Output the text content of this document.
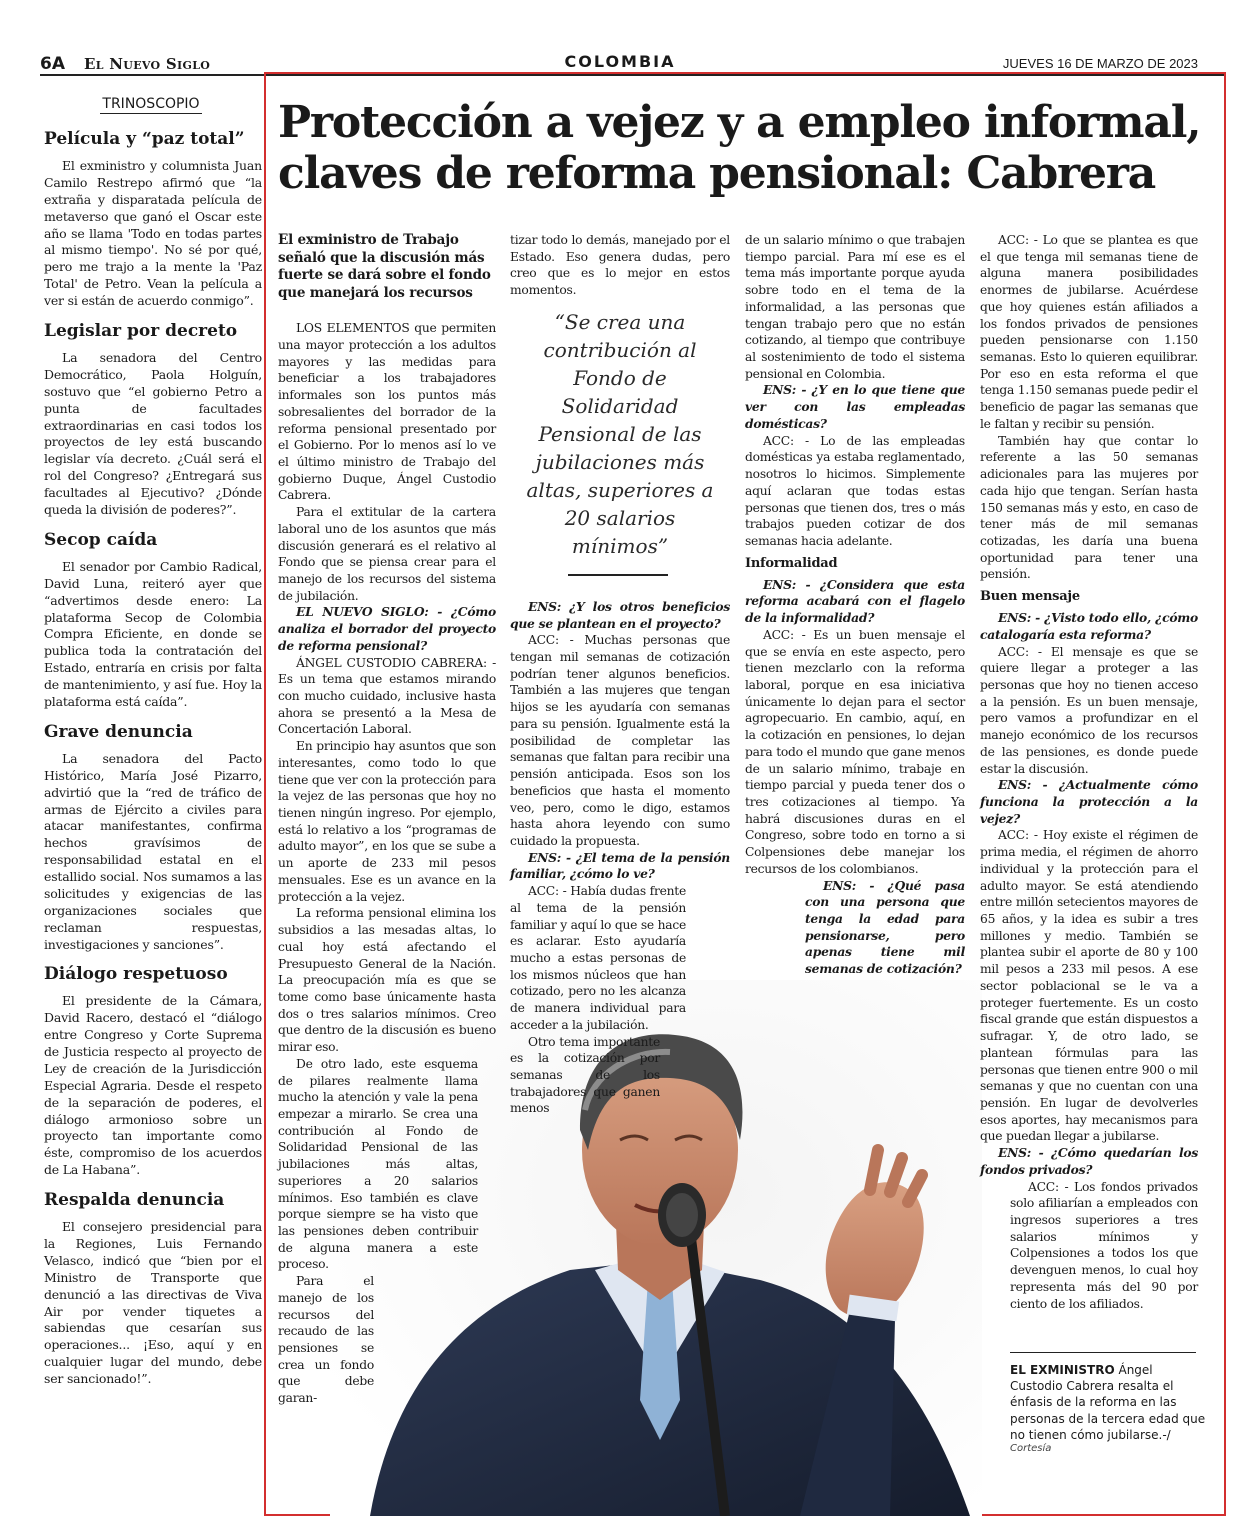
6A El Nuevo Siglo	COLOMBIA	JUEVES 16 DE MARZO DE 2023
TRINOSCOPIO
Película y “paz total”

El exministro y columnista Juan Camilo Restrepo afirmó que “la extraña y disparatada película de metaverso que ganó el Oscar este año se llama 'Todo en todas partes al mismo tiempo'. No sé por qué, pero me trajo a la mente la 'Paz Total' de Petro. Vean la película a ver si están de acuerdo conmigo”.

Legislar por decreto

La senadora del Centro Democrático, Paola Holguín, sostuvo que “el gobierno Petro a punta de facultades extraordinarias en casi todos los proyectos de ley está buscando legislar vía decreto. ¿Cuál será el rol del Congreso? ¿Entregará sus facultades al Ejecutivo? ¿Dónde queda la división de poderes?”.

Secop caída

El senador por Cambio Radical, David Luna, reiteró ayer que “advertimos desde enero: La plataforma Secop de Colombia Compra Eficiente, en donde se publica toda la contratación del Estado, entraría en crisis por falta de mantenimiento, y así fue. Hoy la plataforma está caída”.

Grave denuncia

La senadora del Pacto Histórico, María José Pizarro, advirtió que la “red de tráfico de armas de Ejército a civiles para atacar manifestantes, confirma hechos gravísimos de responsabilidad estatal en el estallido social. Nos sumamos a las solicitudes y exigencias de las organizaciones sociales que reclaman respuestas, investigaciones y sanciones”.

Diálogo respetuoso

El presidente de la Cámara, David Racero, destacó el “diálogo entre Congreso y Corte Suprema de Justicia respecto al proyecto de Ley de creación de la Jurisdicción Especial Agraria. Desde el respeto de la separación de poderes, el diálogo armonioso sobre un proyecto tan importante como éste, compromiso de los acuerdos de La Habana”.

Respalda denuncia

El consejero presidencial para la Regiones, Luis Fernando Velasco, indicó que “bien por el Ministro de Transporte que denunció a las directivas de Viva Air por vender tiquetes a sabiendas que cesarían sus operaciones... ¡Eso, aquí y en cualquier lugar del mundo, debe ser sancionado!”.

Protección a vejez y a empleo informal, claves de reforma pensional: Cabrera
El exministro de Trabajo señaló que la discusión más fuerte se dará sobre el fondo que manejará los recursos

LOS ELEMENTOS que permiten una mayor protección a los adultos mayores y las medidas para beneficiar a los trabajadores informales son los puntos más sobresalientes del borrador de la reforma pensional presentado por el Gobierno. Por lo menos así lo ve el último ministro de Trabajo del gobierno Duque, Ángel Custodio Cabrera.

Para el extitular de la cartera laboral uno de los asuntos que más discusión generará es el relativo al Fondo que se piensa crear para el manejo de los recursos del sistema de jubilación.

EL NUEVO SIGLO: - ¿Cómo analiza el borrador del proyecto de reforma pensional?

ÁNGEL CUSTODIO CABRERA: - Es un tema que estamos mirando con mucho cuidado, inclusive hasta ahora se presentó a la Mesa de Concertación Laboral.

En principio hay asuntos que son interesantes, como todo lo que tiene que ver con la protección para la vejez de las personas que hoy no tienen ningún ingreso. Por ejemplo, está lo relativo a los “programas de adulto mayor”, en los que se sube a un aporte de 233 mil pesos mensuales. Ese es un avance en la protección a la vejez.

La reforma pensional elimina los subsidios a las mesadas altas, lo cual hoy está afectando el Presupuesto General de la Nación. La preocupación mía es que se tome como base únicamente hasta dos o tres salarios mínimos. Creo que dentro de la discusión es bueno mirar eso.

De otro lado, este esquema de pilares realmente llama mucho la atención y vale la pena empezar a mirarlo. Se crea una contribución al Fondo de Solidaridad Pensional de las jubilaciones más altas, superiores a 20 salarios mínimos. Eso también es clave porque siempre se ha visto que las pensiones deben contribuir de alguna manera a este proceso.

Para el manejo de los recursos del recaudo de las pensiones se crea un fondo que debe garan-

tizar todo lo demás, manejado por el Estado. Eso genera dudas, pero creo que es lo mejor en estos momentos.

ENS: ¿Y los otros beneficios que se plantean en el proyecto?

ACC: - Muchas personas que tengan mil semanas de cotización podrían tener algunos beneficios. También a las mujeres que tengan hijos se les ayudaría con semanas para su pensión. Igualmente está la posibilidad de completar las semanas que faltan para recibir una pensión anticipada. Esos son los beneficios que hasta el momento veo, pero, como le digo, estamos hasta ahora leyendo con sumo cuidado la propuesta.

ENS: - ¿El tema de la pensión familiar, ¿cómo lo ve?

ACC: - Había dudas frente al tema de la pensión familiar y aquí lo que se hace es aclarar. Esto ayudaría mucho a estas personas de los mismos núcleos que han cotizado, pero no les alcanza de manera individual para acceder a la jubilación.

Otro tema importante es la cotización por semanas de los trabajadores que ganen menos

“Se crea una contribución al Fondo de Solidaridad Pensional de las jubilaciones más altas, superiores a 20 salarios mínimos”

de un salario mínimo o que trabajen tiempo parcial. Para mí ese es el tema más importante porque ayuda sobre todo en el tema de la informalidad, a las personas que tengan trabajo pero que no están cotizando, al tiempo que contribuye al sostenimiento de todo el sistema pensional en Colombia.

ENS: - ¿Y en lo que tiene que ver con las empleadas domésticas?

ACC: - Lo de las empleadas domésticas ya estaba reglamentado, nosotros lo hicimos. Simplemente aquí aclaran que todas estas personas que tienen dos, tres o más trabajos pueden cotizar de dos semanas hacia adelante.

Informalidad

ENS: - ¿Considera que esta reforma acabará con el flagelo de la informalidad?

ACC: - Es un buen mensaje el que se envía en este aspecto, pero tienen mezclarlo con la reforma laboral, porque en esa iniciativa únicamente lo dejan para el sector agropecuario. En cambio, aquí, en la cotización en pensiones, lo dejan para todo el mundo que gane menos de un salario mínimo, trabaje en tiempo parcial y pueda tener dos o tres cotizaciones al tiempo. Ya habrá discusiones duras en el Congreso, sobre todo en torno a si Colpensiones debe manejar los recursos de los colombianos.

ENS: - ¿Qué pasa con una persona que tenga la edad para pensionarse, pero apenas tiene mil semanas de cotización?

ACC: - Lo que se plantea es que el que tenga mil semanas tiene de alguna manera posibilidades enormes de jubilarse. Acuérdese que hoy quienes están afiliados a los fondos privados de pensiones pueden pensionarse con 1.150 semanas. Esto lo quieren equilibrar. Por eso en esta reforma el que tenga 1.150 semanas puede pedir el beneficio de pagar las semanas que le faltan y recibir su pensión.

También hay que contar lo referente a las 50 semanas adicionales para las mujeres por cada hijo que tengan. Serían hasta 150 semanas más y esto, en caso de tener más de mil semanas cotizadas, les daría una buena oportunidad para tener una pensión.

Buen mensaje

ENS: - ¿Visto todo ello, ¿cómo catalogaría esta reforma?

ACC: - El mensaje es que se quiere llegar a proteger a las personas que hoy no tienen acceso a la pensión. Es un buen mensaje, pero vamos a profundizar en el manejo económico de los recursos de las pensiones, es donde puede estar la discusión.

ENS: - ¿Actualmente cómo funciona la protección a la vejez?

ACC: - Hoy existe el régimen de prima media, el régimen de ahorro individual y la protección para el adulto mayor. Se está atendiendo entre millón setecientos mayores de 65 años, y la idea es subir a tres millones y medio. También se plantea subir el aporte de 80 y 100 mil pesos a 233 mil pesos. A ese sector poblacional se le va a proteger fuertemente. Es un costo fiscal grande que están dispuestos a sufragar. Y, de otro lado, se plantean fórmulas para las personas que tienen entre 900 o mil semanas y que no cuentan con una pensión. En lugar de devolverles esos aportes, hay mecanismos para que puedan llegar a jubilarse.

ENS: - ¿Cómo quedarían los fondos privados?

ACC: - Los fondos privados solo afiliarían a empleados con ingresos superiores a tres salarios mínimos y Colpensiones a todos los que devenguen menos, lo cual hoy representa más del 90 por ciento de los afiliados.

EL EXMINISTRO Ángel Custodio Cabrera resalta el énfasis de la reforma en las personas de la tercera edad que no tienen cómo jubilarse.-/
Cortesía
